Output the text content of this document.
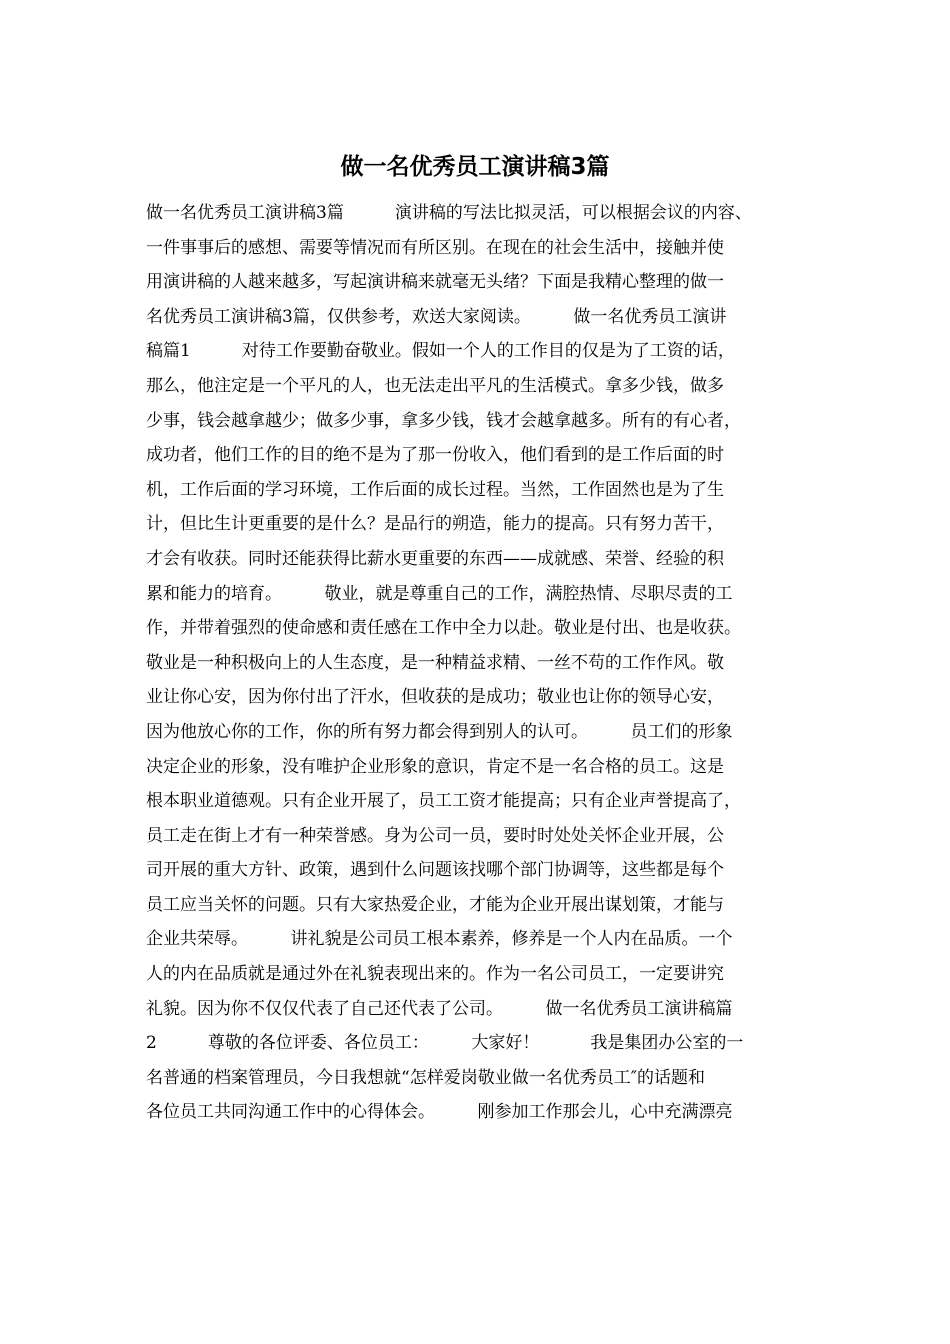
做一名优秀员工演讲稿3篇
做一名优秀员工演讲稿3篇　　　演讲稿的写法比拟灵活，可以根据会议的内容、
一件事事后的感想、需要等情况而有所区别。在现在的社会生活中，接触并使
用演讲稿的人越来越多，写起演讲稿来就毫无头绪？下面是我精心整理的做一
名优秀员工演讲稿3篇，仅供参考，欢送大家阅读。　　　做一名优秀员工演讲
稿篇1　　　对待工作要勤奋敬业。假如一个人的工作目的仅是为了工资的话，
那么，他注定是一个平凡的人，也无法走出平凡的生活模式。拿多少钱，做多
少事，钱会越拿越少；做多少事，拿多少钱，钱才会越拿越多。所有的有心者，
成功者，他们工作的目的绝不是为了那一份收入，他们看到的是工作后面的时
机，工作后面的学习环境，工作后面的成长过程。当然，工作固然也是为了生
计，但比生计更重要的是什么？是品行的朔造，能力的提高。只有努力苦干，
才会有收获。同时还能获得比薪水更重要的东西——成就感、荣誉、经验的积
累和能力的培育。　　　敬业，就是尊重自己的工作，满腔热情、尽职尽责的工
作，并带着强烈的使命感和责任感在工作中全力以赴。敬业是付出、也是收获。
敬业是一种积极向上的人生态度，是一种精益求精、一丝不苟的工作作风。敬
业让你心安，因为你付出了汗水，但收获的是成功；敬业也让你的领导心安，
因为他放心你的工作，你的所有努力都会得到别人的认可。　　　员工们的形象
决定企业的形象，没有唯护企业形象的意识，肯定不是一名合格的员工。这是
根本职业道德观。只有企业开展了，员工工资才能提高；只有企业声誉提高了，
员工走在街上才有一种荣誉感。身为公司一员，要时时处处关怀企业开展，公
司开展的重大方针、政策，遇到什么问题该找哪个部门协调等，这些都是每个
员工应当关怀的问题。只有大家热爱企业，才能为企业开展出谋划策，才能与
企业共荣辱。　　　讲礼貌是公司员工根本素养，修养是一个人内在品质。一个
人的内在品质就是通过外在礼貌表现出来的。作为一名公司员工，一定要讲究
礼貌。因为你不仅仅代表了自己还代表了公司。　　　做一名优秀员工演讲稿篇
2　　　尊敬的各位评委、各位员工：　　　大家好！　　　我是集团办公室的一
名普通的档案管理员，今日我想就“怎样爱岗敬业做一名优秀员工″的话题和
各位员工共同沟通工作中的心得体会。　　　刚参加工作那会儿，心中充满漂亮
